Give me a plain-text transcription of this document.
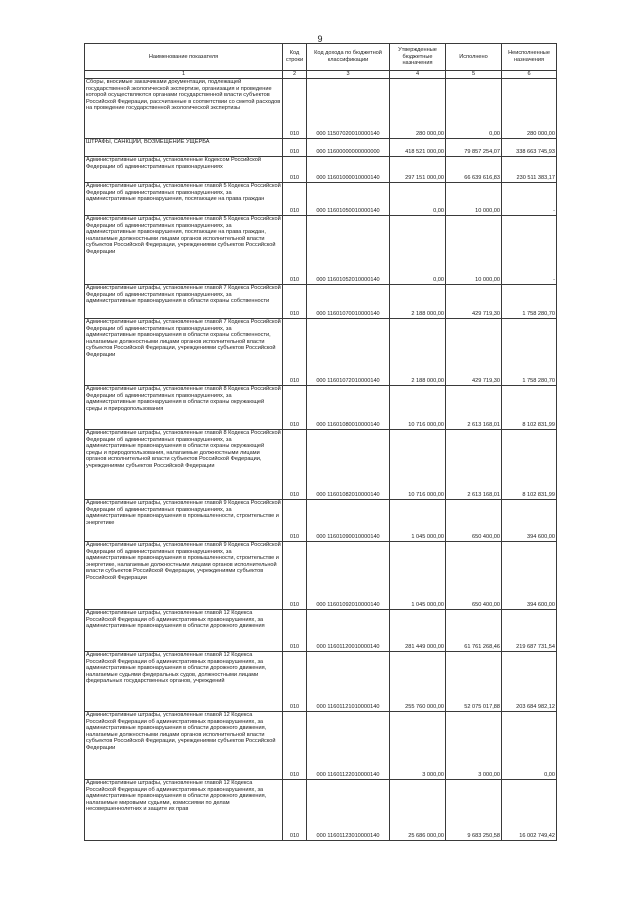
9
Наименование показателя	Код строки	Код дохода по бюджетной классификации	Утвержденные бюджетные назначения	Исполнено	Неисполненные назначения
1	2	3	4	5	6
Сборы, вносимые заказчиками документации, подлежащей государственной экологической экспертизе, организация и проведение которой осуществляются органами государственной власти субъектов Российской Федерации, рассчитанные в соответствии со сметой расходов на проведение государственной экологической экспертизы	010	000 11507020010000140	280 000,00	0,00	280 000,00
ШТРАФЫ, САНКЦИИ, ВОЗМЕЩЕНИЕ УЩЕРБА	010	000 11600000000000000	418 521 000,00	79 857 254,07	338 663 745,93
Административные штрафы, установленные Кодексом Российской Федерации об административных правонарушениях	010	000 11601000010000140	297 151 000,00	66 639 616,83	230 511 383,17
Административные штрафы, установленные главой 5 Кодекса Российской Федерации об административных правонарушениях, за административные правонарушения, посягающие на права граждан	010	000 11601050010000140	0,00	10 000,00	-
Административные штрафы, установленные главой 5 Кодекса Российской Федерации об административных правонарушениях, за административные правонарушения, посягающие на права граждан, налагаемые должностными лицами органов исполнительной власти субъектов Российской Федерации, учреждениями субъектов Российской Федерации	010	000 11601052010000140	0,00	10 000,00	-
Административные штрафы, установленные главой 7 Кодекса Российской Федерации об административных правонарушениях, за административные правонарушения в области охраны собственности	010	000 11601070010000140	2 188 000,00	429 719,30	1 758 280,70
Административные штрафы, установленные главой 7 Кодекса Российской Федерации об административных правонарушениях, за административные правонарушения в области охраны собственности, налагаемые должностными лицами органов исполнительной власти субъектов Российской Федерации, учреждениями субъектов Российской Федерации	010	000 11601072010000140	2 188 000,00	429 719,30	1 758 280,70
Административные штрафы, установленные главой 8 Кодекса Российской Федерации об административных правонарушениях, за административные правонарушения в области охраны окружающей среды и природопользования	010	000 11601080010000140	10 716 000,00	2 613 168,01	8 102 831,99
Административные штрафы, установленные главой 8 Кодекса Российской Федерации об административных правонарушениях, за административные правонарушения в области охраны окружающей среды и природопользования, налагаемые должностными лицами органов исполнительной власти субъектов Российской Федерации, учреждениями субъектов Российской Федерации	010	000 11601082010000140	10 716 000,00	2 613 168,01	8 102 831,99
Административные штрафы, установленные главой 9 Кодекса Российской Федерации об административных правонарушениях, за административные правонарушения в промышленности, строительстве и энергетике	010	000 11601090010000140	1 045 000,00	650 400,00	394 600,00
Административные штрафы, установленные главой 9 Кодекса Российской Федерации об административных правонарушениях, за административные правонарушения в промышленности, строительстве и энергетике, налагаемые должностными лицами органов исполнительной власти субъектов Российской Федерации, учреждениями субъектов Российской Федерации	010	000 11601092010000140	1 045 000,00	650 400,00	394 600,00
Административные штрафы, установленные главой 12 Кодекса Российской Федерации об административных правонарушениях, за административные правонарушения в области дорожного движения	010	000 11601120010000140	281 449 000,00	61 761 268,46	219 687 731,54
Административные штрафы, установленные главой 12 Кодекса Российской Федерации об административных правонарушениях, за административные правонарушения в области дорожного движения, налагаемые судьями федеральных судов, должностными лицами федеральных государственных органов, учреждений	010	000 11601121010000140	255 760 000,00	52 075 017,88	203 684 982,12
Административные штрафы, установленные главой 12 Кодекса Российской Федерации об административных правонарушениях, за административные правонарушения в области дорожного движения, налагаемые должностными лицами органов исполнительной власти субъектов Российской Федерации, учреждениями субъектов Российской Федерации	010	000 11601122010000140	3 000,00	3 000,00	0,00
Административные штрафы, установленные главой 12 Кодекса Российской Федерации об административных правонарушениях, за административные правонарушения в области дорожного движения, налагаемые мировыми судьями, комиссиями по делам несовершеннолетних и защите их прав	010	000 11601123010000140	25 686 000,00	9 683 250,58	16 002 749,42
